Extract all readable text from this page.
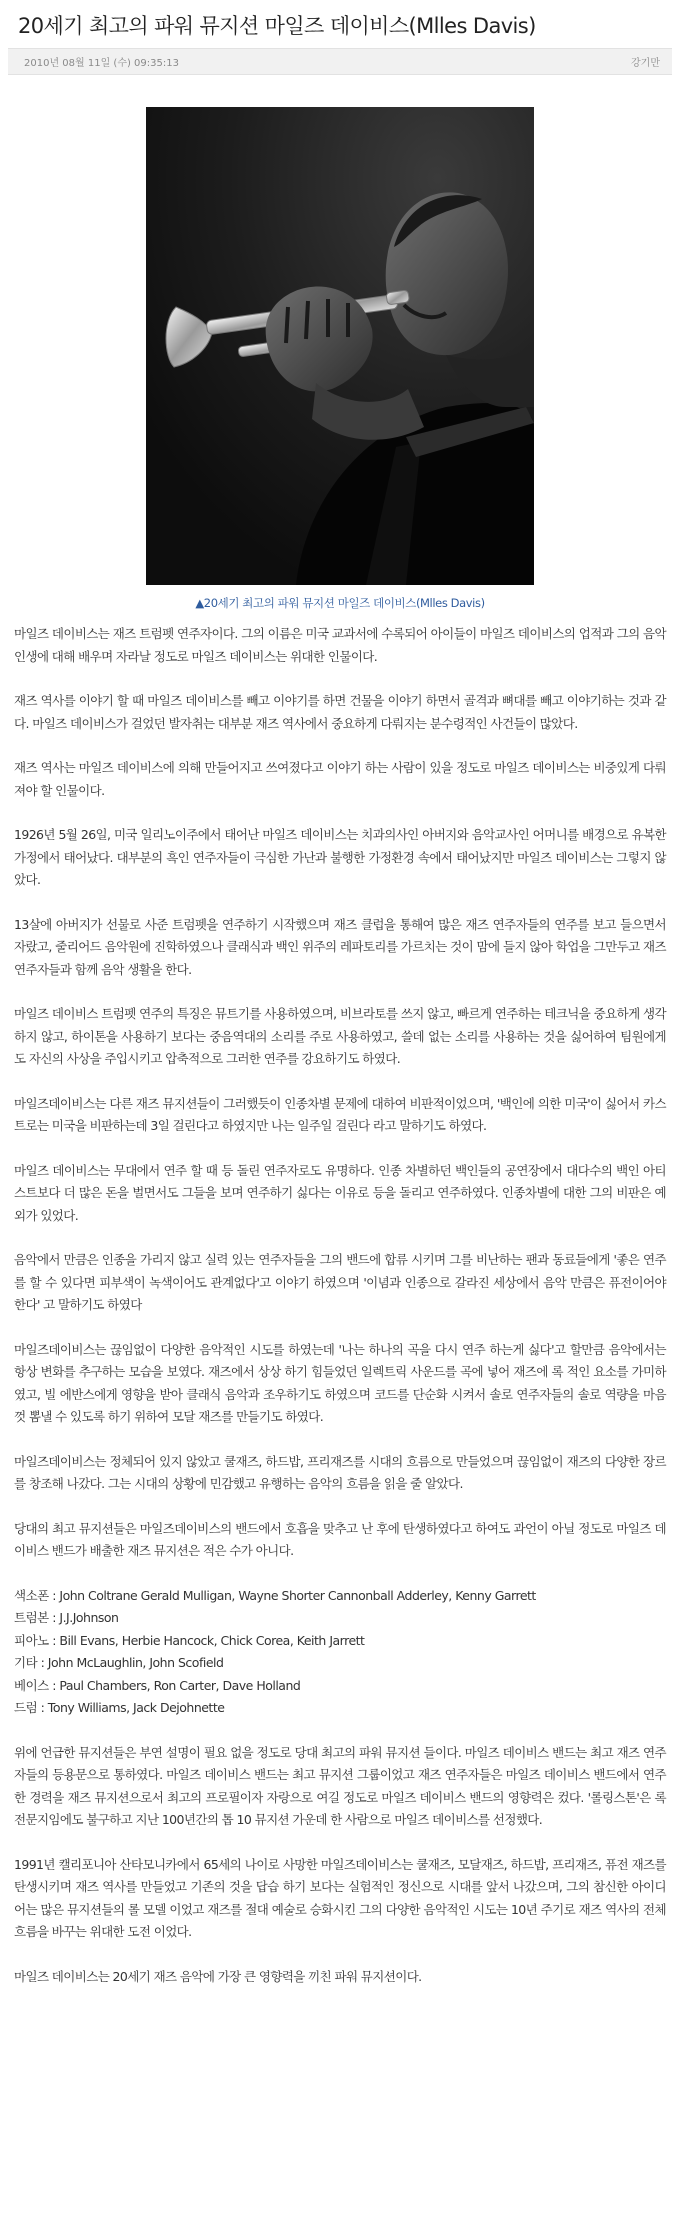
20세기 최고의 파워 뮤지션 마일즈 데이비스(Mlles Davis)
2010년 08월 11일 (수) 09:35:13	강기만
▲20세기 최고의 파워 뮤지션 마일즈 데이비스(Mlles Davis)

마일즈 데이비스는 재즈 트럼펫 연주자이다. 그의 이름은 미국 교과서에 수록되어 아이들이 마일즈 데이비스의 업적과 그의 음악인생에 대해 배우며 자라날 정도로 마일즈 데이비스는 위대한 인물이다.

재즈 역사를 이야기 할 때 마일즈 데이비스를 빼고 이야기를 하면 건물을 이야기 하면서 골격과 뼈대를 빼고 이야기하는 것과 같다. 마일즈 데이비스가 걸었던 발자취는 대부분 재즈 역사에서 중요하게 다뤄지는 분수령적인 사건들이 많았다.

재즈 역사는 마일즈 데이비스에 의해 만들어지고 쓰여졌다고 이야기 하는 사람이 있을 정도로 마일즈 데이비스는 비중있게 다뤄져야 할 인물이다.

1926년 5월 26일, 미국 일리노이주에서 태어난 마일즈 데이비스는 치과의사인 아버지와 음악교사인 어머니를 배경으로 유복한 가정에서 태어났다. 대부분의 흑인 연주자들이 극심한 가난과 불행한 가정환경 속에서 태어났지만 마일즈 데이비스는 그렇지 않았다.

13살에 아버지가 선물로 사준 트럼펫을 연주하기 시작했으며 재즈 클럽을 통해여 많은 재즈 연주자들의 연주를 보고 들으면서 자랐고, 줄리어드 음악원에 진학하였으나 클래식과 백인 위주의 레파토리를 가르치는 것이 맘에 들지 않아 학업을 그만두고 재즈 연주자들과 함께 음악 생활을 한다.

마일즈 데이비스 트럼펫 연주의 특징은 뮤트기를 사용하였으며, 비브라토를 쓰지 않고, 빠르게 연주하는 테크닉을 중요하게 생각하지 않고, 하이톤을 사용하기 보다는 중음역대의 소리를 주로 사용하였고, 쓸데 없는 소리를 사용하는 것을 싫어하여 팀원에게도 자신의 사상을 주입시키고 압축적으로 그러한 연주를 강요하기도 하였다.

마일즈데이비스는 다른 재즈 뮤지션들이 그러했듯이 인종차별 문제에 대하여 비판적이었으며, '백인에 의한 미국'이 싫어서 카스트로는 미국을 비판하는데 3일 걸린다고 하였지만 나는 일주일 걸린다 라고 말하기도 하였다.

마일즈 데이비스는 무대에서 연주 할 때 등 돌린 연주자로도 유명하다. 인종 차별하던 백인들의 공연장에서 대다수의 백인 아티스트보다 더 많은 돈을 벌면서도 그들을 보며 연주하기 싫다는 이유로 등을 돌리고 연주하였다. 인종차별에 대한 그의 비판은 예외가 있었다.

음악에서 만큼은 인종을 가리지 않고 실력 있는 연주자들을 그의 밴드에 합류 시키며 그를 비난하는 팬과 동료들에게 '좋은 연주를 할 수 있다면 피부색이 녹색이어도 관계없다'고 이야기 하였으며 '이념과 인종으로 갈라진 세상에서 음악 만큼은 퓨전이어야 한다' 고 말하기도 하였다

마일즈데이비스는 끊임없이 다양한 음악적인 시도를 하였는데 '나는 하나의 곡을 다시 연주 하는게 싫다'고 할만큼 음악에서는 항상 변화를 추구하는 모습을 보였다. 재즈에서 상상 하기 힘들었던 일렉트릭 사운드를 곡에 넣어 재즈에 록 적인 요소를 가미하였고, 빌 에반스에게 영향을 받아 클래식 음악과 조우하기도 하였으며 코드를 단순화 시켜서 솔로 연주자들의 솔로 역량을 마음껏 뽐낼 수 있도록 하기 위하여 모달 재즈를 만들기도 하였다.

마일즈데이비스는 정체되어 있지 않았고 쿨재즈, 하드밥, 프리재즈를 시대의 흐름으로 만들었으며 끊임없이 재즈의 다양한 장르를 창조해 나갔다. 그는 시대의 상황에 민감했고 유행하는 음악의 흐름을 읽을 줄 알았다.

당대의 최고 뮤지션들은 마일즈데이비스의 밴드에서 호흡을 맞추고 난 후에 탄생하였다고 하여도 과언이 아닐 정도로 마일즈 데이비스 밴드가 배출한 재즈 뮤지션은 적은 수가 아니다.

색소폰 : John Coltrane Gerald Mulligan, Wayne Shorter Cannonball Adderley, Kenny Garrett
트럼본 : J.J.Johnson
피아노 : Bill Evans, Herbie Hancock, Chick Corea, Keith Jarrett
기타 : John McLaughlin, John Scofield
베이스 : Paul Chambers, Ron Carter, Dave Holland
드럼 : Tony Williams, Jack Dejohnette

위에 언급한 뮤지션들은 부연 설명이 필요 없을 정도로 당대 최고의 파워 뮤지션 들이다. 마일즈 데이비스 밴드는 최고 재즈 연주자들의 등용문으로 통하였다. 마일즈 데이비스 밴드는 최고 뮤지션 그룹이었고 재즈 연주자들은 마일즈 데이비스 밴드에서 연주한 경력을 재즈 뮤지션으로서 최고의 프로필이자 자랑으로 여길 정도로 마일즈 데이비스 밴드의 영향력은 컸다. '롤링스톤'은 록 전문지임에도 불구하고 지난 100년간의 톱 10 뮤지션 가운데 한 사람으로 마일즈 데이비스를 선정했다.

1991년 캘리포니아 산타모니카에서 65세의 나이로 사망한 마일즈데이비스는 쿨재즈, 모달재즈, 하드밥, 프리재즈, 퓨전 재즈를 탄생시키며 재즈 역사를 만들었고 기존의 것을 답습 하기 보다는 실험적인 정신으로 시대를 앞서 나갔으며, 그의 참신한 아이디어는 많은 뮤지션들의 롤 모델 이었고 재즈를 절대 예술로 승화시킨 그의 다양한 음악적인 시도는 10년 주기로 재즈 역사의 전체 흐름을 바꾸는 위대한 도전 이었다.

마일즈 데이비스는 20세기 재즈 음악에 가장 큰 영향력을 끼친 파워 뮤지션이다.
